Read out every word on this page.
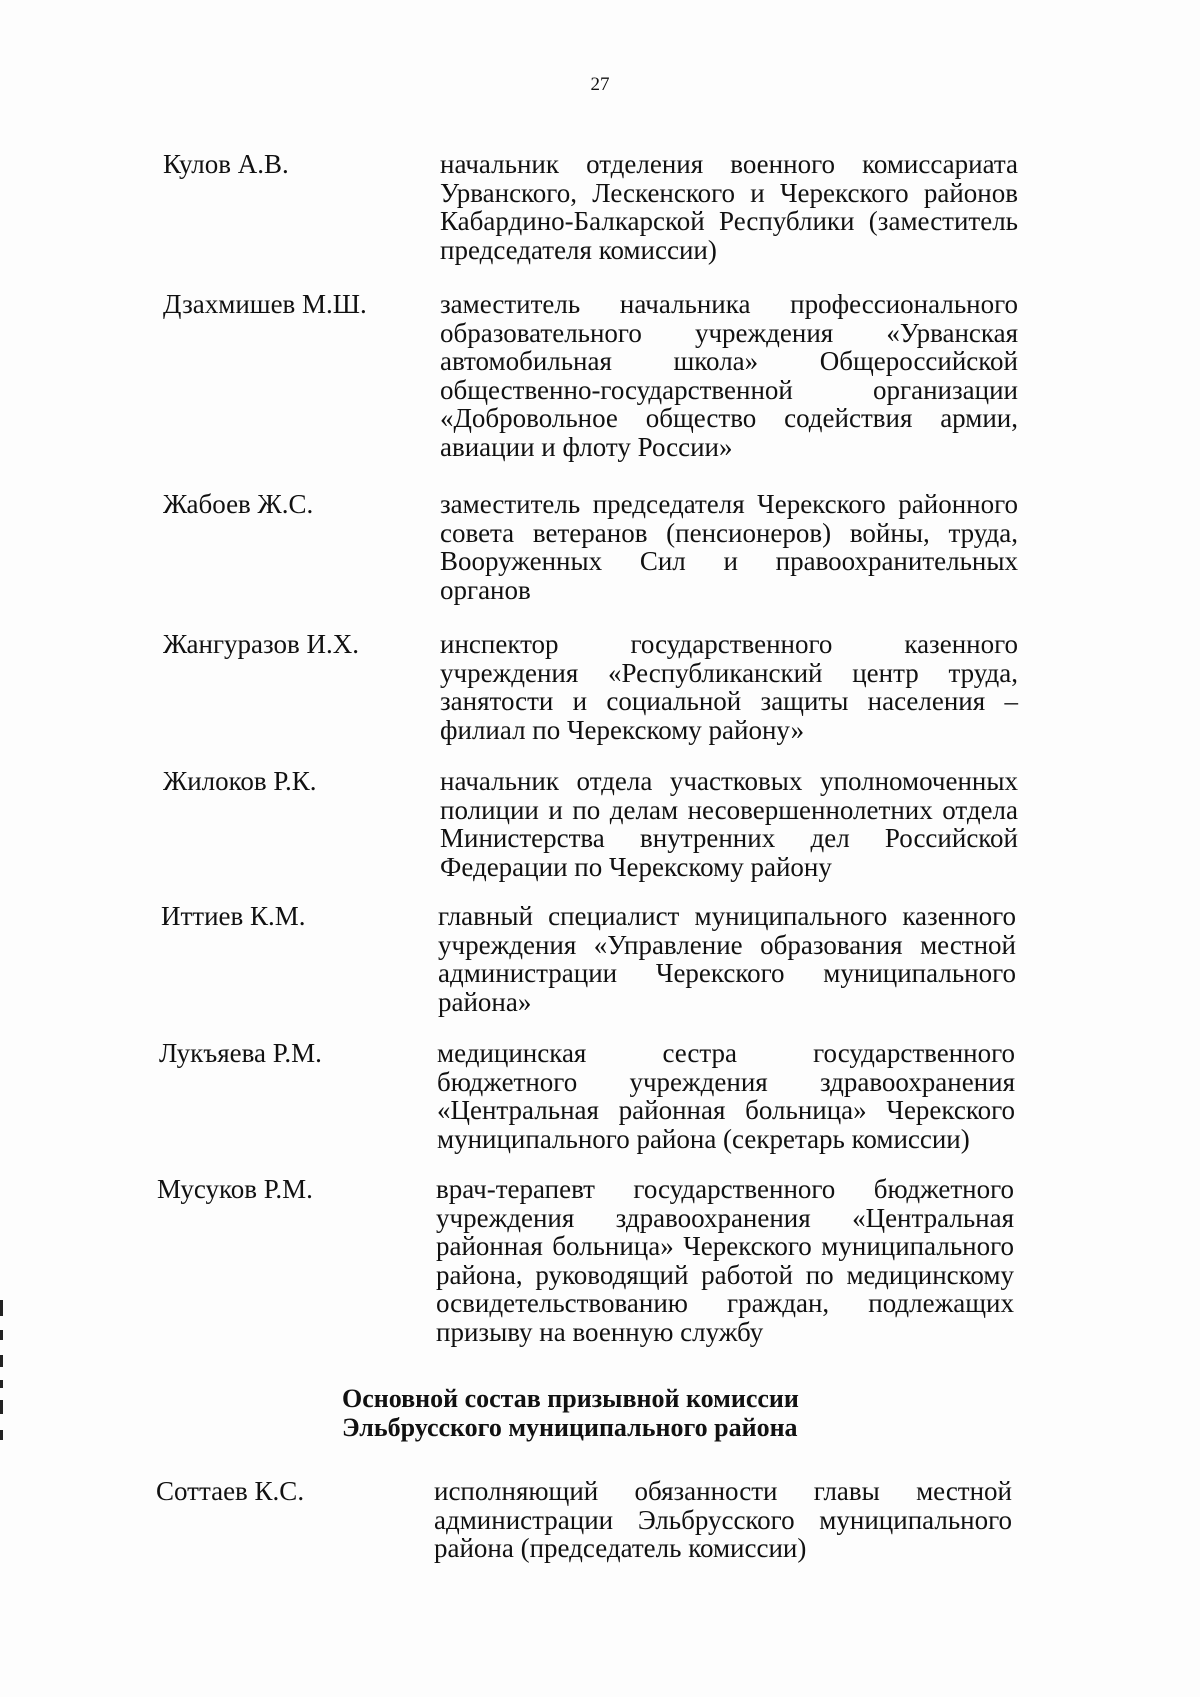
27
Кулов А.В.	начальник отделения военного комиссариата Урванского, Лескенского и Черекского районов Кабардино-Балкарской Республики (заместитель председателя комиссии)
Дзахмишев М.Ш.	заместитель начальника профессионального образовательного учреждения «Урванская автомобильная школа» Общероссийской общественно-государственной организации «Добровольное общество содействия армии, авиации и флоту России»
Жабоев Ж.С.	заместитель председателя Черекского районного совета ветеранов (пенсионеров) войны, труда, Вооруженных Сил и правоохранительных органов
Жангуразов И.Х.	инспектор государственного казенного учреждения «Республиканский центр труда, занятости и социальной защиты населения – филиал по Черекскому району»
Жилоков Р.К.	начальник отдела участковых уполномоченных полиции и по делам несовершеннолетних отдела Министерства внутренних дел Российской Федерации по Черекскому району
Иттиев К.М.	главный специалист муниципального казенного учреждения «Управление образования местной администрации Черекского муниципального района»
Лукъяева Р.М.	медицинская сестра государственного бюджетного учреждения здравоохранения «Центральная районная больница» Черекского муниципального района (секретарь комиссии)
Мусуков Р.М.	врач-терапевт государственного бюджетного учреждения здравоохранения «Центральная районная больница» Черекского муниципального района, руководящий работой по медицинскому освидетельствованию граждан, подлежащих призыву на военную службу
Основной состав призывной комиссии
Эльбрусского муниципального района
Соттаев К.С.	исполняющий обязанности главы местной администрации Эльбрусского муниципального района (председатель комиссии)
